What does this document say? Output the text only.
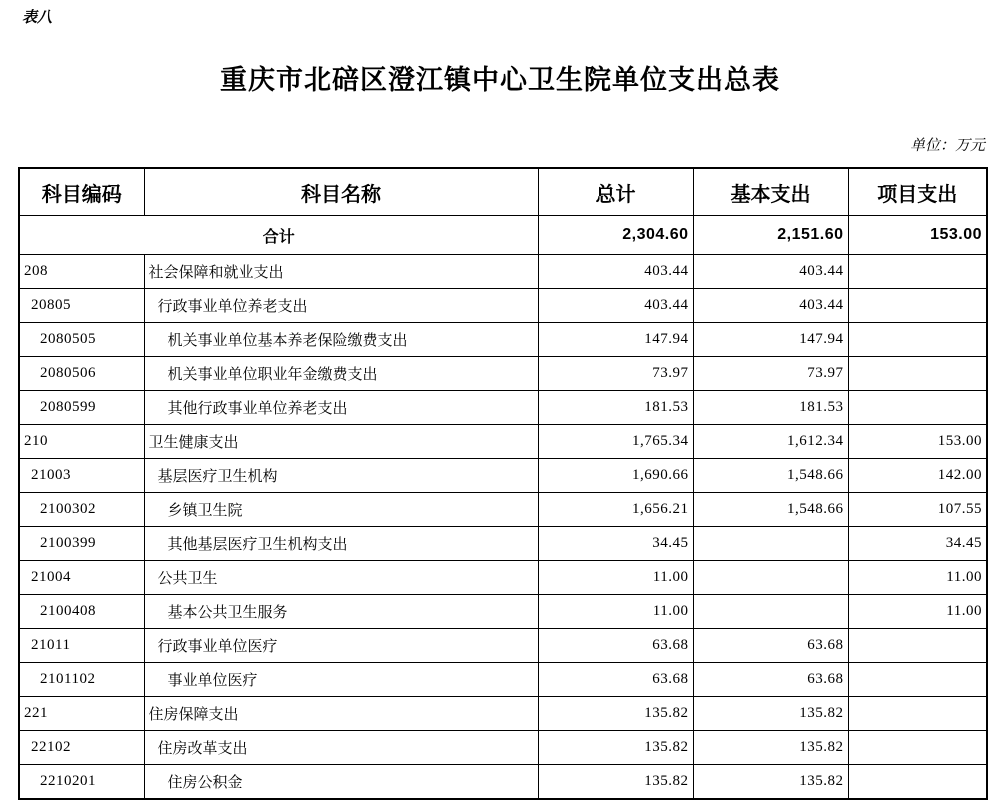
表八
重庆市北碚区澄江镇中心卫生院单位支出总表
单位：万元
科目编码	科目名称	总计	基本支出	项目支出
合计		2,304.60	2,151.60	153.00
208	社会保障和就业支出	403.44	403.44	
20805	行政事业单位养老支出	403.44	403.44	
2080505	机关事业单位基本养老保险缴费支出	147.94	147.94	
2080506	机关事业单位职业年金缴费支出	73.97	73.97	
2080599	其他行政事业单位养老支出	181.53	181.53	
210	卫生健康支出	1,765.34	1,612.34	153.00
21003	基层医疗卫生机构	1,690.66	1,548.66	142.00
2100302	乡镇卫生院	1,656.21	1,548.66	107.55
2100399	其他基层医疗卫生机构支出	34.45		34.45
21004	公共卫生	11.00		11.00
2100408	基本公共卫生服务	11.00		11.00
21011	行政事业单位医疗	63.68	63.68	
2101102	事业单位医疗	63.68	63.68	
221	住房保障支出	135.82	135.82	
22102	住房改革支出	135.82	135.82	
2210201	住房公积金	135.82	135.82	
